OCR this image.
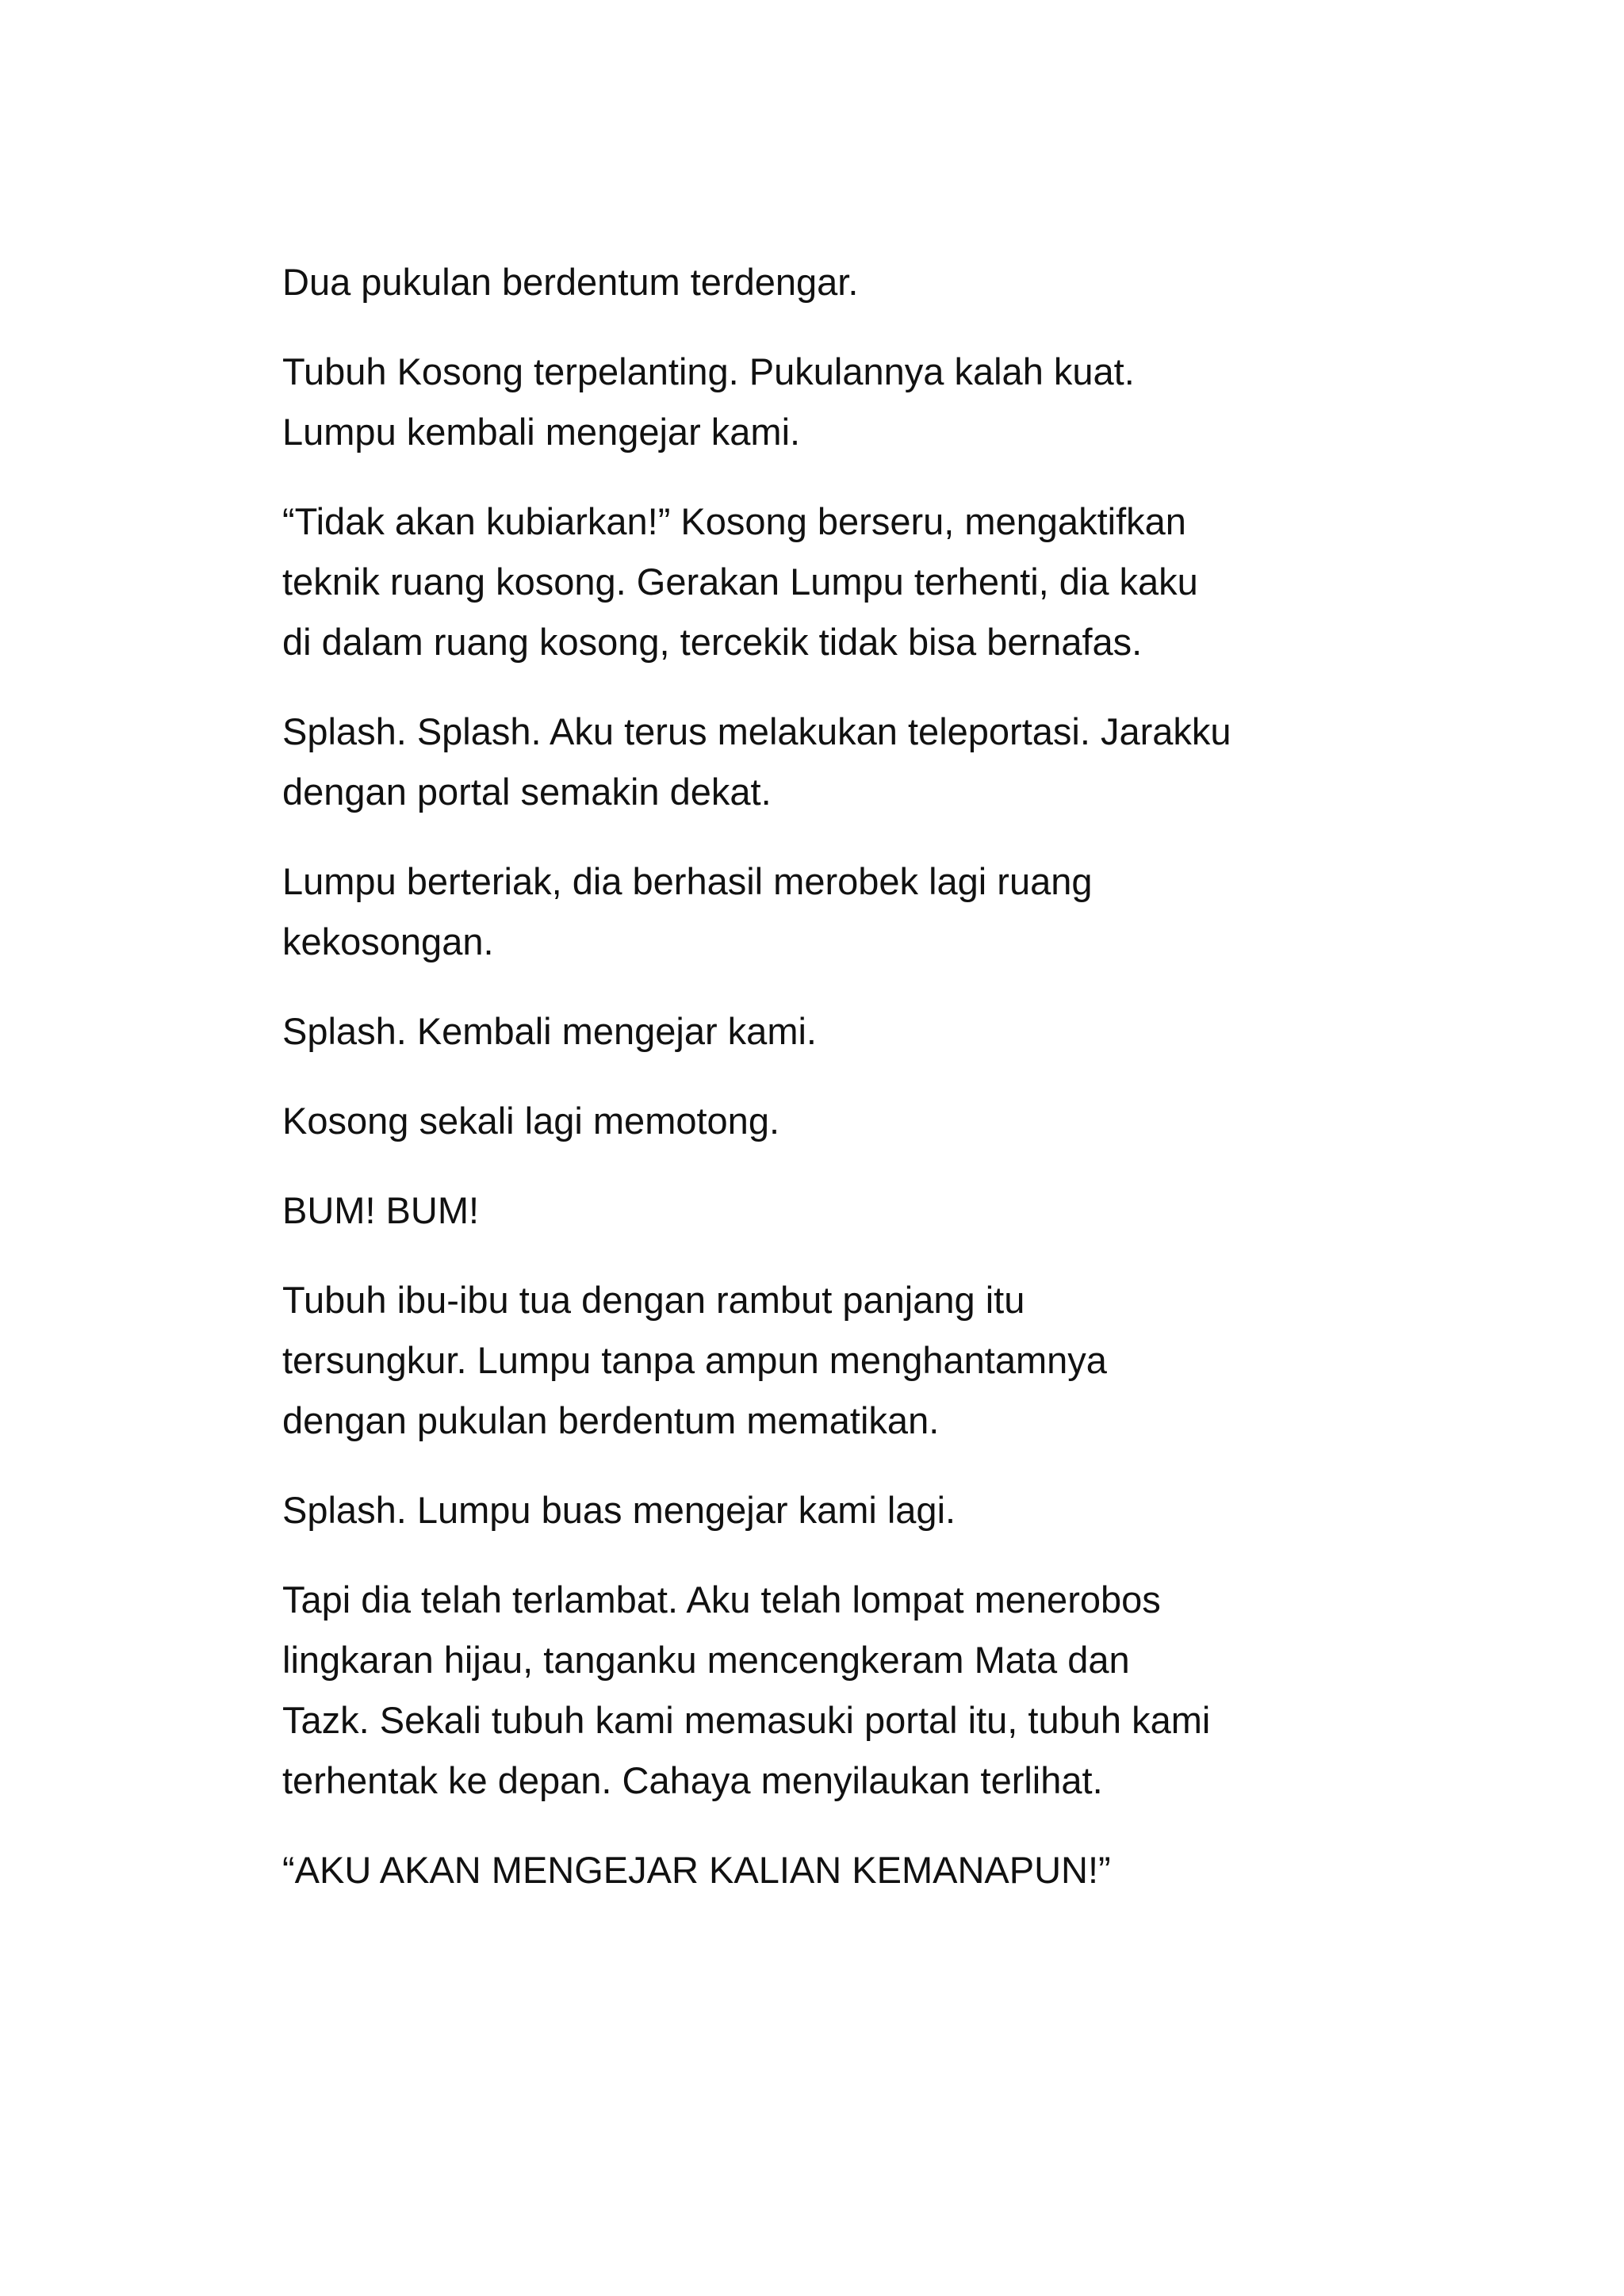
Dua pukulan berdentum terdengar.

Tubuh Kosong terpelanting. Pukulannya kalah kuat.
Lumpu kembali mengejar kami.

“Tidak akan kubiarkan!” Kosong berseru, mengaktifkan
teknik ruang kosong. Gerakan Lumpu terhenti, dia kaku
di dalam ruang kosong, tercekik tidak bisa bernafas.

Splash. Splash. Aku terus melakukan teleportasi. Jarakku
dengan portal semakin dekat.

Lumpu berteriak, dia berhasil merobek lagi ruang
kekosongan.

Splash. Kembali mengejar kami.

Kosong sekali lagi memotong.

BUM! BUM!

Tubuh ibu-ibu tua dengan rambut panjang itu
tersungkur. Lumpu tanpa ampun menghantamnya
dengan pukulan berdentum mematikan.

Splash. Lumpu buas mengejar kami lagi.

Tapi dia telah terlambat. Aku telah lompat menerobos
lingkaran hijau, tanganku mencengkeram Mata dan
Tazk. Sekali tubuh kami memasuki portal itu, tubuh kami
terhentak ke depan. Cahaya menyilaukan terlihat.

“AKU AKAN MENGEJAR KALIAN KEMANAPUN!”
